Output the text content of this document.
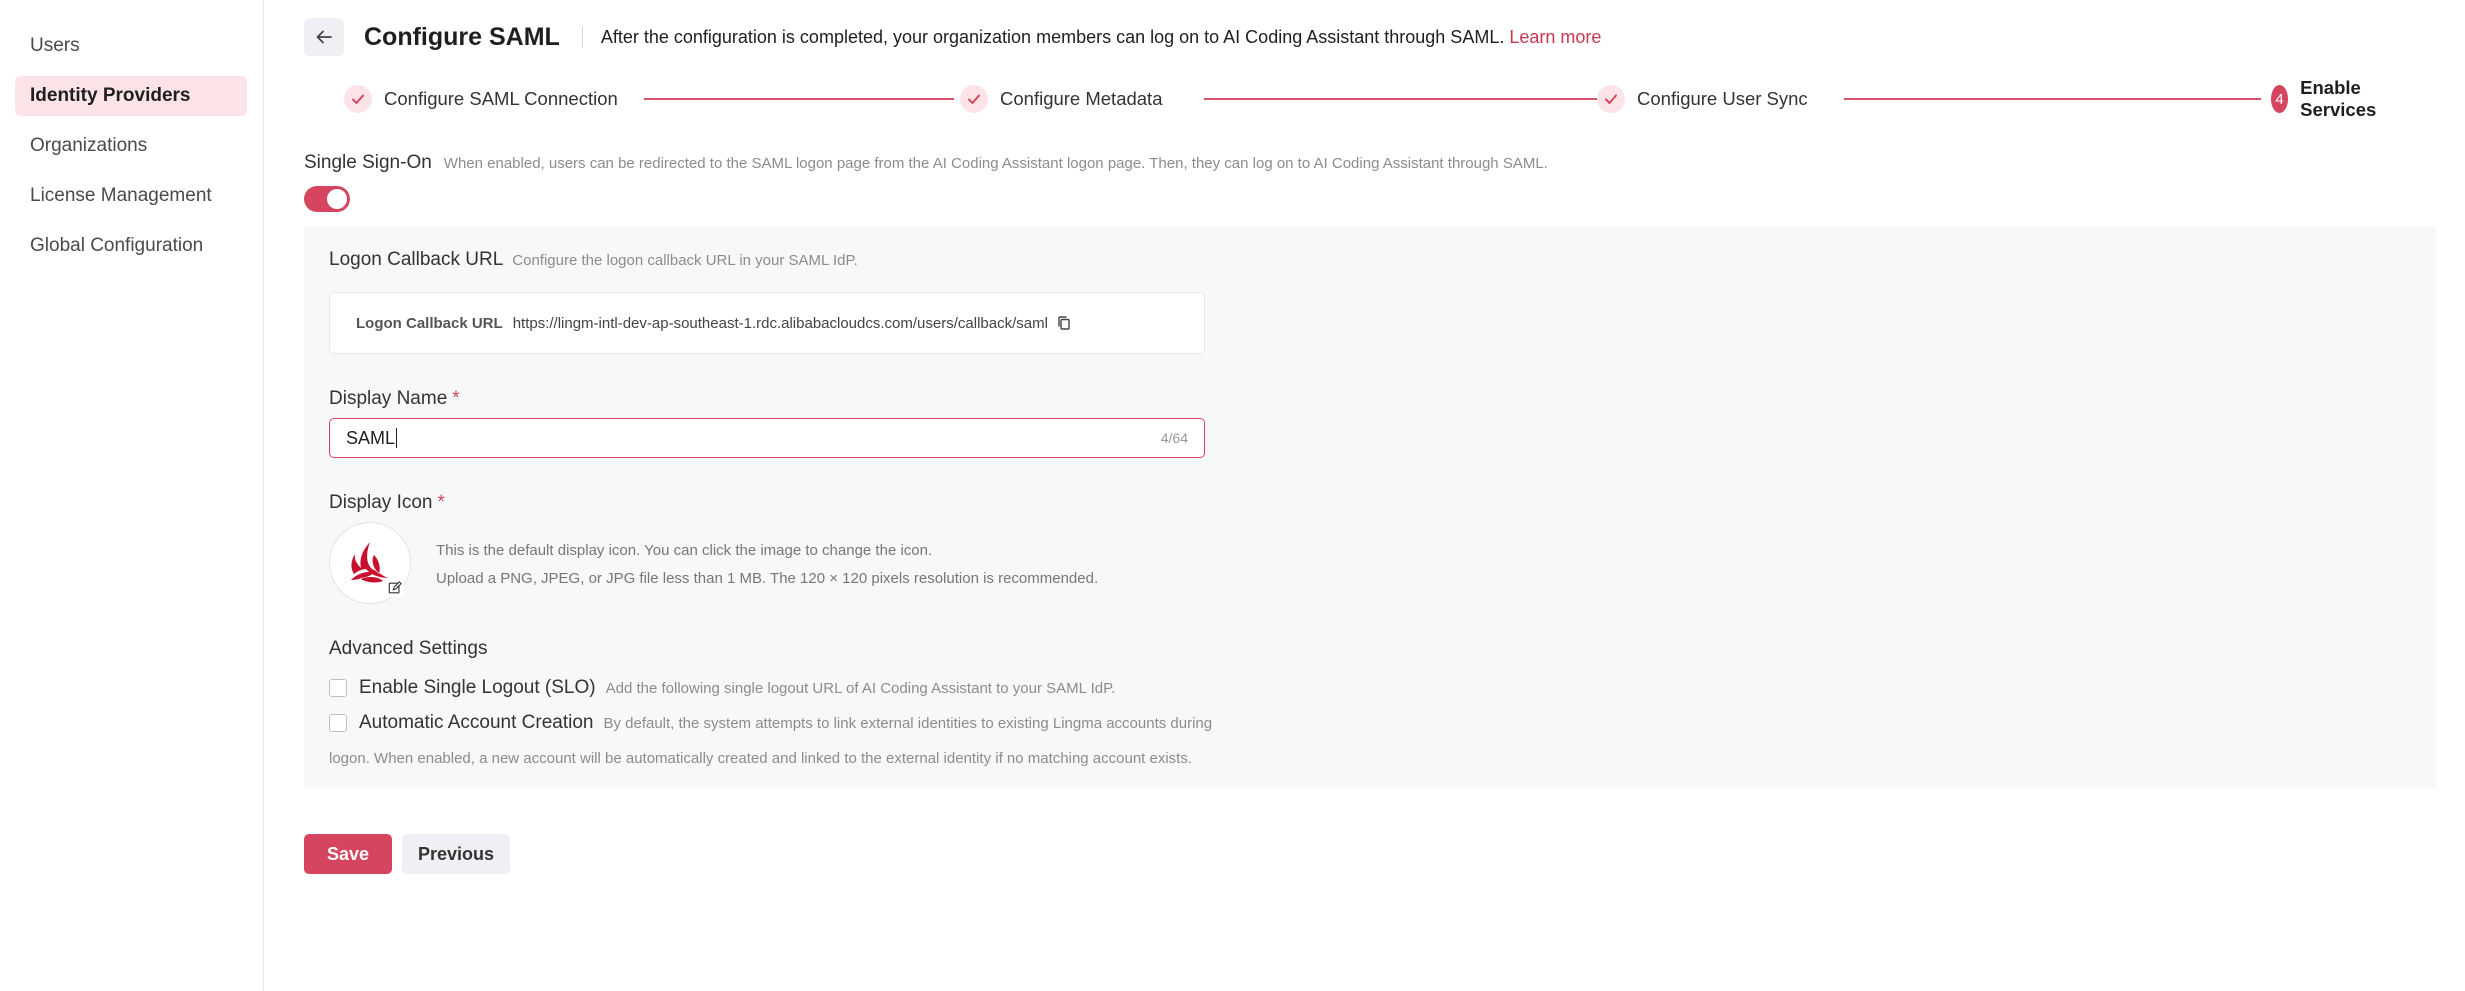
Users
Identity Providers
Organizations
License Management
Global Configuration
Configure SAML After the configuration is completed, your organization members can log on to AI Coding Assistant through SAML. Learn more
Configure SAML Connection	Configure Metadata	Configure User Sync	4
Enable Services
Single Sign-On When enabled, users can be redirected to the SAML logon page from the AI Coding Assistant logon page. Then, they can log on to AI Coding Assistant through SAML.
Logon Callback URL Configure the logon callback URL in your SAML IdP.
Logon Callback URL https://lingm-intl-dev-ap-southeast-1.rdc.alibabacloudcs.com/users/callback/saml
Display Name *
SAML	4/64
Display Icon *
This is the default display icon. You can click the image to change the icon.
Upload a PNG, JPEG, or JPG file less than 1 MB. The 120 × 120 pixels resolution is recommended.
Advanced Settings
Enable Single Logout (SLO) Add the following single logout URL of AI Coding Assistant to your SAML IdP.
Automatic Account Creation By default, the system attempts to link external identities to existing Lingma accounts during
logon. When enabled, a new account will be automatically created and linked to the external identity if no matching account exists.
Save	Previous
